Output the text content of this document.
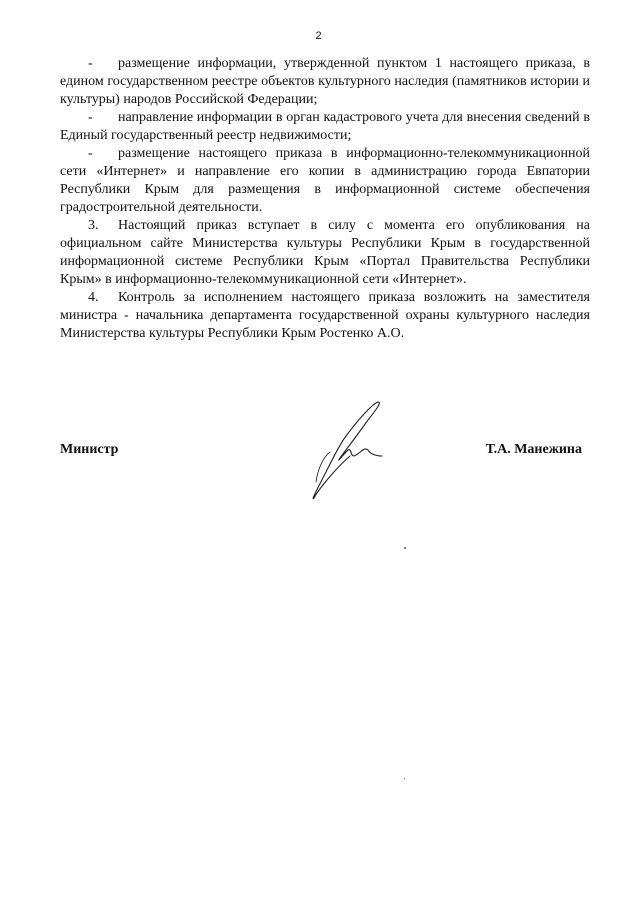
2

- размещение информации, утвержденной пунктом 1 настоящего приказа, в едином государственном реестре объектов культурного наследия (памятников истории и культуры) народов Российской Федерации;

- направление информации в орган кадастрового учета для внесения сведений в Единый государственный реестр недвижимости;

- размещение настоящего приказа в информационно-телекоммуникационной сети «Интернет» и направление его копии в администрацию города Евпатории Республики Крым для размещения в информационной системе обеспечения градостроительной деятельности.

3. Настоящий приказ вступает в силу с момента его опубликования на официальном сайте Министерства культуры Республики Крым в государственной информационной системе Республики Крым «Портал Правительства Республики Крым» в информационно-телекоммуникационной сети «Интернет».

4. Контроль за исполнением настоящего приказа возложить на заместителя министра - начальника департамента государственной охраны культурного наследия Министерства культуры Республики Крым Ростенко А.О.

Министр	Т.А. Манежина
